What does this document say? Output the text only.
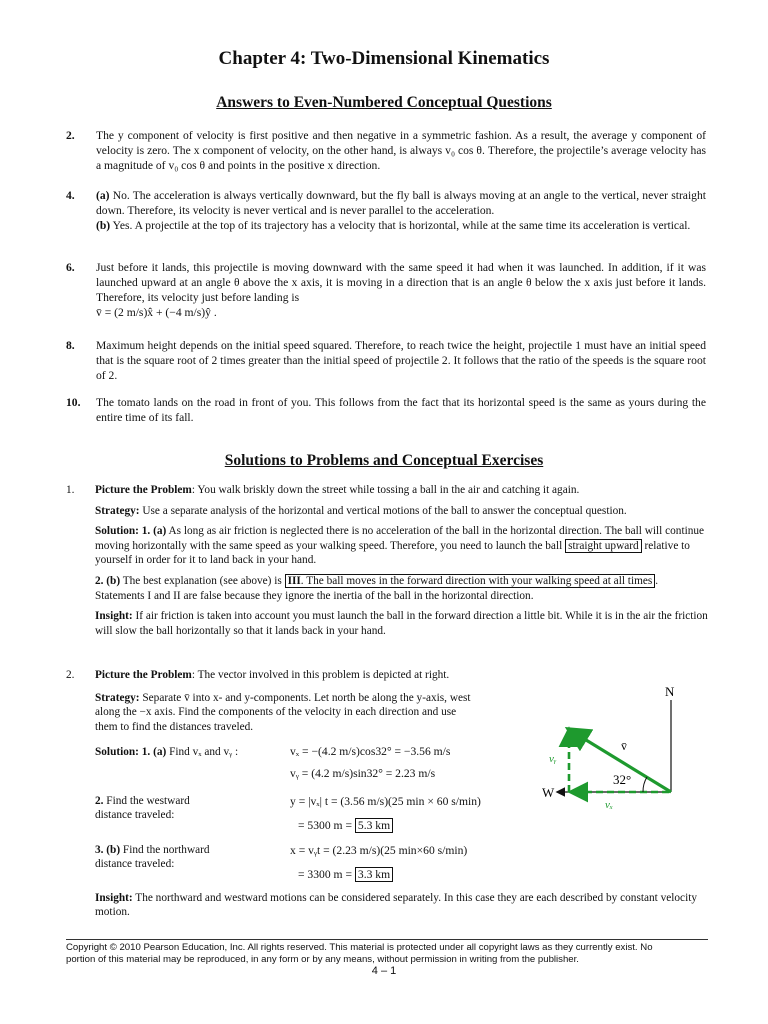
Chapter 4: Two-Dimensional Kinematics
Answers to Even-Numbered Conceptual Questions
2. The y component of velocity is first positive and then negative in a symmetric fashion. As a result, the average y component of velocity is zero. The x component of velocity, on the other hand, is always v₀ cos θ. Therefore, the projectile’s average velocity has a magnitude of v₀ cos θ and points in the positive x direction.
4. (a) No. The acceleration is always vertically downward, but the fly ball is always moving at an angle to the vertical, never straight down. Therefore, its velocity is never vertical and is never parallel to the acceleration.
(b) Yes. A projectile at the top of its trajectory has a velocity that is horizontal, while at the same time its acceleration is vertical.
6. Just before it lands, this projectile is moving downward with the same speed it had when it was launched. In addition, if it was launched upward at an angle θ above the x axis, it is moving in a direction that is an angle θ below the x axis just before it lands. Therefore, its velocity just before landing is
v̄ = (2 m/s)x̂ + (−4 m/s)ŷ .
8. Maximum height depends on the initial speed squared. Therefore, to reach twice the height, projectile 1 must have an initial speed that is the square root of 2 times greater than the initial speed of projectile 2. It follows that the ratio of the speeds is the square root of 2.
10. The tomato lands on the road in front of you. This follows from the fact that its horizontal speed is the same as yours during the entire time of its fall.
Solutions to Problems and Conceptual Exercises
1. Picture the Problem: You walk briskly down the street while tossing a ball in the air and catching it again.
Strategy: Use a separate analysis of the horizontal and vertical motions of the ball to answer the conceptual question.
Solution: 1. (a) As long as air friction is neglected there is no acceleration of the ball in the horizontal direction. The ball will continue moving horizontally with the same speed as your walking speed. Therefore, you need to launch the ball straight upward relative to yourself in order for it to land back in your hand.
2. (b) The best explanation (see above) is III. The ball moves in the forward direction with your walking speed at all times . Statements I and II are false because they ignore the inertia of the ball in the horizontal direction.
Insight: If air friction is taken into account you must launch the ball in the forward direction a little bit. While it is in the air the friction will slow the ball horizontally so that it lands back in your hand.
2. Picture the Problem: The vector involved in this problem is depicted at right.
Strategy: Separate v̄ into x- and y-components. Let north be along the y-axis, west
along the −x axis. Find the components of the velocity in each direction and use
them to find the distances traveled.
Solution: 1. (a) Find vₓ and vᵧ :	vₓ = −(4.2 m/s)cos32° = −3.56 m/s
vᵧ = (4.2 m/s)sin32° = 2.23 m/s
2. Find the westward
distance traveled:
y = |vₓ| t = (3.56 m/s)(25 min × 60 s/min)
= 5300 m = 5.3 km
3. (b) Find the northward
distance traveled:
x = vᵧt = (2.23 m/s)(25 min×60 s/min)
= 3300 m = 3.3 km
Insight: The northward and westward motions can be considered separately. In this case they are each described by constant velocity motion.
N
W
v̄
vᵧ
vₓ
32°
Copyright © 2010 Pearson Education, Inc. All rights reserved. This material is protected under all copyright laws as they currently exist. No
portion of this material may be reproduced, in any form or by any means, without permission in writing from the publisher.
4 – 1
